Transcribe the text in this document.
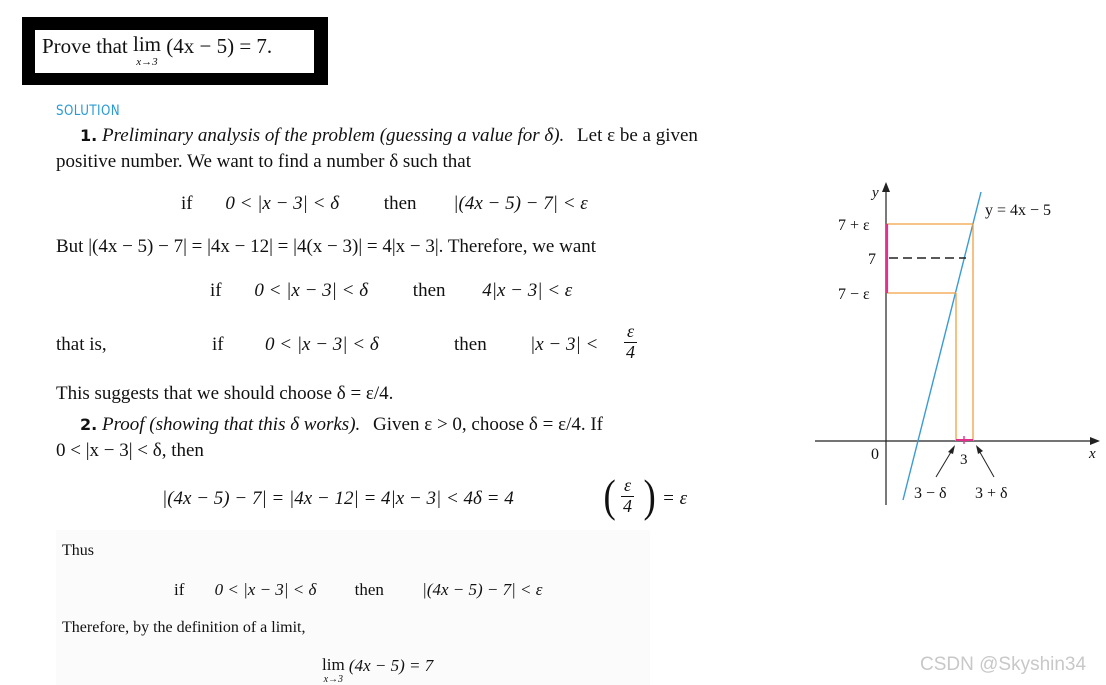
Prove that lim
x→3
(4x − 5) = 7.
SOLUTION
1. Preliminary analysis of the problem (guessing a value for δ). Let ε be a given
positive number. We want to find a number δ such that
if 0 < |x − 3| < δ then |(4x − 5) − 7| < ε
But |(4x − 5) − 7| = |4x − 12| = |4(x − 3)| = 4|x − 3|. Therefore, we want
if 0 < |x − 3| < δ then 4|x − 3| < ε
that is,	if 0 < |x − 3| < δ	then $|x - 3| < \frac{\varepsilon}{4}$
This suggests that we should choose δ = ε/4.
2. Proof (showing that this δ works). Given ε > 0, choose δ = ε/4. If
0 < |x − 3| < δ, then
|(4x − 5) − 7| = |4x − 12| = 4|x − 3| < 4δ = 4 ( $\frac{\varepsilon}{4}$ ) = ε
Thus
if 0 < |x − 3| < δ then |(4x − 5) − 7| < ε
Therefore, by the definition of a limit,
lim
x→3
(4x − 5) = 7
y
x
0
y = 4x − 5
7 + ε
7
7 − ε
3
3 − δ 3 + δ
CSDN @Skyshin34
